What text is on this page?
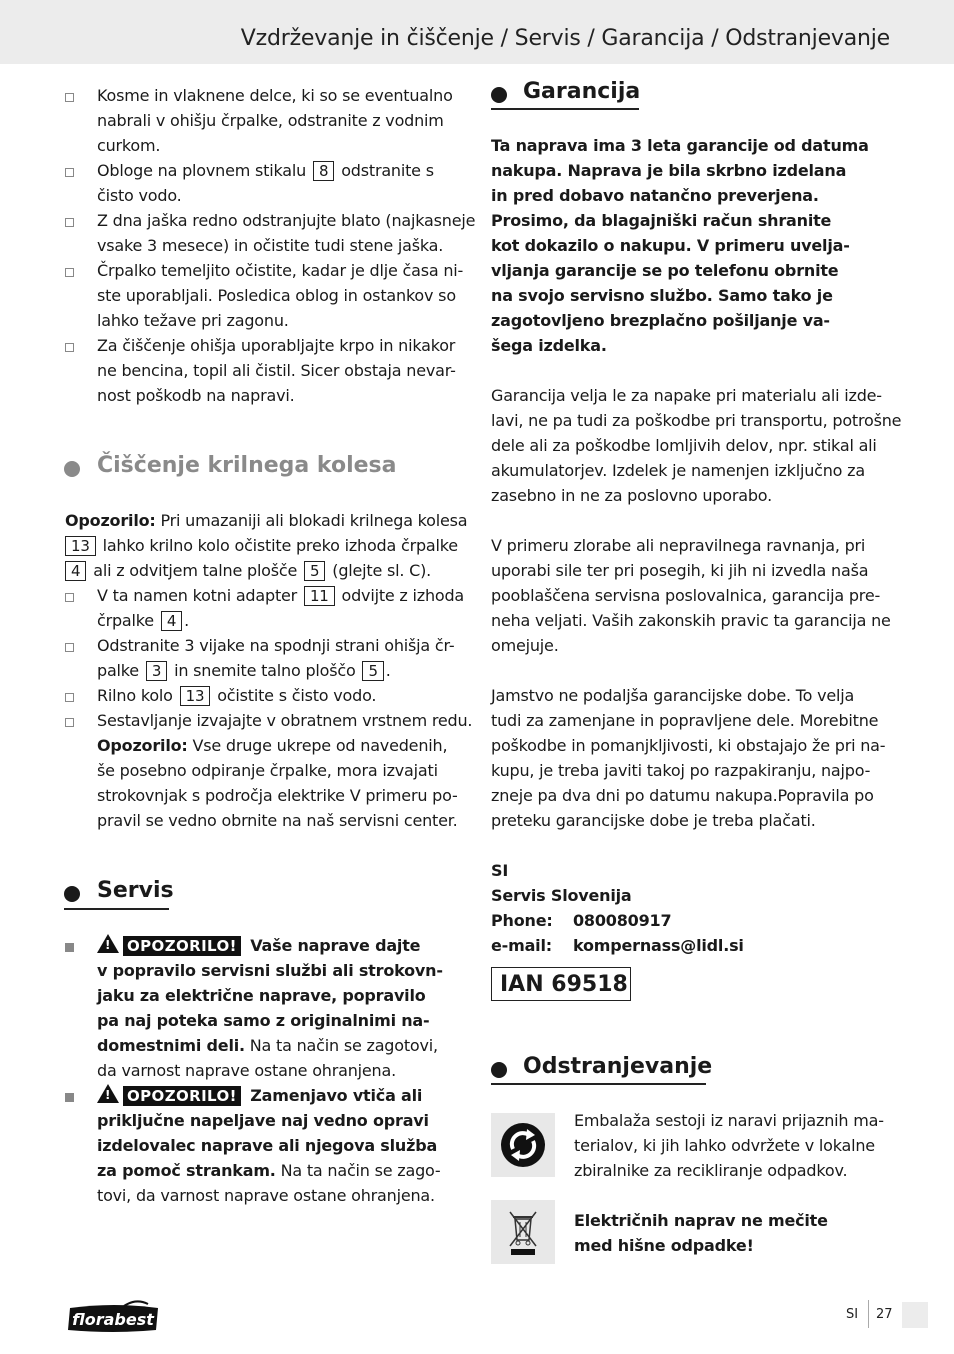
Vzdrževanje in čiščenje / Servis / Garancija / Odstranjevanje
Kosme in vlaknene delce, ki so se eventualno
nabrali v ohišju črpalke, odstranite z vodnim
curkom.
Obloge na plovnem stikalu 8 odstranite s
čisto vodo.
Z dna jaška redno odstranjujte blato (najkasneje
vsake 3 mesece) in očistite tudi stene jaška.
Črpalko temeljito očistite, kadar je dlje časa ni-
ste uporabljali. Posledica oblog in ostankov so
lahko težave pri zagonu.
Za čiščenje ohišja uporabljajte krpo in nikakor
ne bencina, topil ali čistil. Sicer obstaja nevar-
nost poškodb na napravi.
Čiščenje krilnega kolesa
Opozorilo: Pri umazaniji ali blokadi krilnega kolesa
13 lahko krilno kolo očistite preko izhoda črpalke
4 ali z odvitjem talne plošče 5 (glejte sl. C).
V ta namen kotni adapter 11 odvijte z izhoda
črpalke 4 .
Odstranite 3 vijake na spodnji strani ohišja čr-
palke 3 in snemite talno ploščo 5 .
Rilno kolo 13 očistite s čisto vodo.
Sestavljanje izvajajte v obratnem vrstnem redu.
Opozorilo: Vse druge ukrepe od navedenih,
še posebno odpiranje črpalke, mora izvajati
strokovnjak s področja elektrike V primeru po-
pravil se vedno obrnite na naš servisni center.
Servis
! OPOZORILO! Vaše naprave dajte
v popravilo servisni službi ali strokovn-
jaku za električne naprave, popravilo
pa naj poteka samo z originalnimi na-
domestnimi deli. Na ta način se zagotovi,
da varnost naprave ostane ohranjena.
! OPOZORILO! Zamenjavo vtiča ali
priključne napeljave naj vedno opravi
izdelovalec naprave ali njegova služba
za pomoč strankam. Na ta način se zago-
tovi, da varnost naprave ostane ohranjena.
Garancija
Ta naprava ima 3 leta garancije od datuma
nakupa. Naprava je bila skrbno izdelana
in pred dobavo natančno preverjena.
Prosimo, da blagajniški račun shranite
kot dokazilo o nakupu. V primeru uvelja-
vljanja garancije se po telefonu obrnite
na svojo servisno službo. Samo tako je
zagotovljeno brezplačno pošiljanje va-
šega izdelka.
Garancija velja le za napake pri materialu ali izde-
lavi, ne pa tudi za poškodbe pri transportu, potrošne
dele ali za poškodbe lomljivih delov, npr. stikal ali
akumulatorjev. Izdelek je namenjen izključno za
zasebno in ne za poslovno uporabo.
V primeru zlorabe ali nepravilnega ravnanja, pri
uporabi sile ter pri posegih, ki jih ni izvedla naša
pooblaščena servisna poslovalnica, garancija pre-
neha veljati. Vaših zakonskih pravic ta garancija ne
omejuje.
Jamstvo ne podaljša garancijske dobe. To velja
tudi za zamenjane in popravljene dele. Morebitne
poškodbe in pomanjkljivosti, ki obstajajo že pri na-
kupu, je treba javiti takoj po razpakiranju, najpo-
zneje pa dva dni po datumu nakupa.Popravila po
preteku garancijske dobe je treba plačati.
SI
Servis Slovenija
Phone: 080080917
e-mail: kompernass@lidl.si
IAN 69518
Odstranjevanje
Embalaža sestoji iz naravi prijaznih ma-
terialov, ki jih lahko odvržete v lokalne
zbiralnike za recikliranje odpadkov.
Električnih naprav ne mečite
med hišne odpadke!
florabest	SI 27
